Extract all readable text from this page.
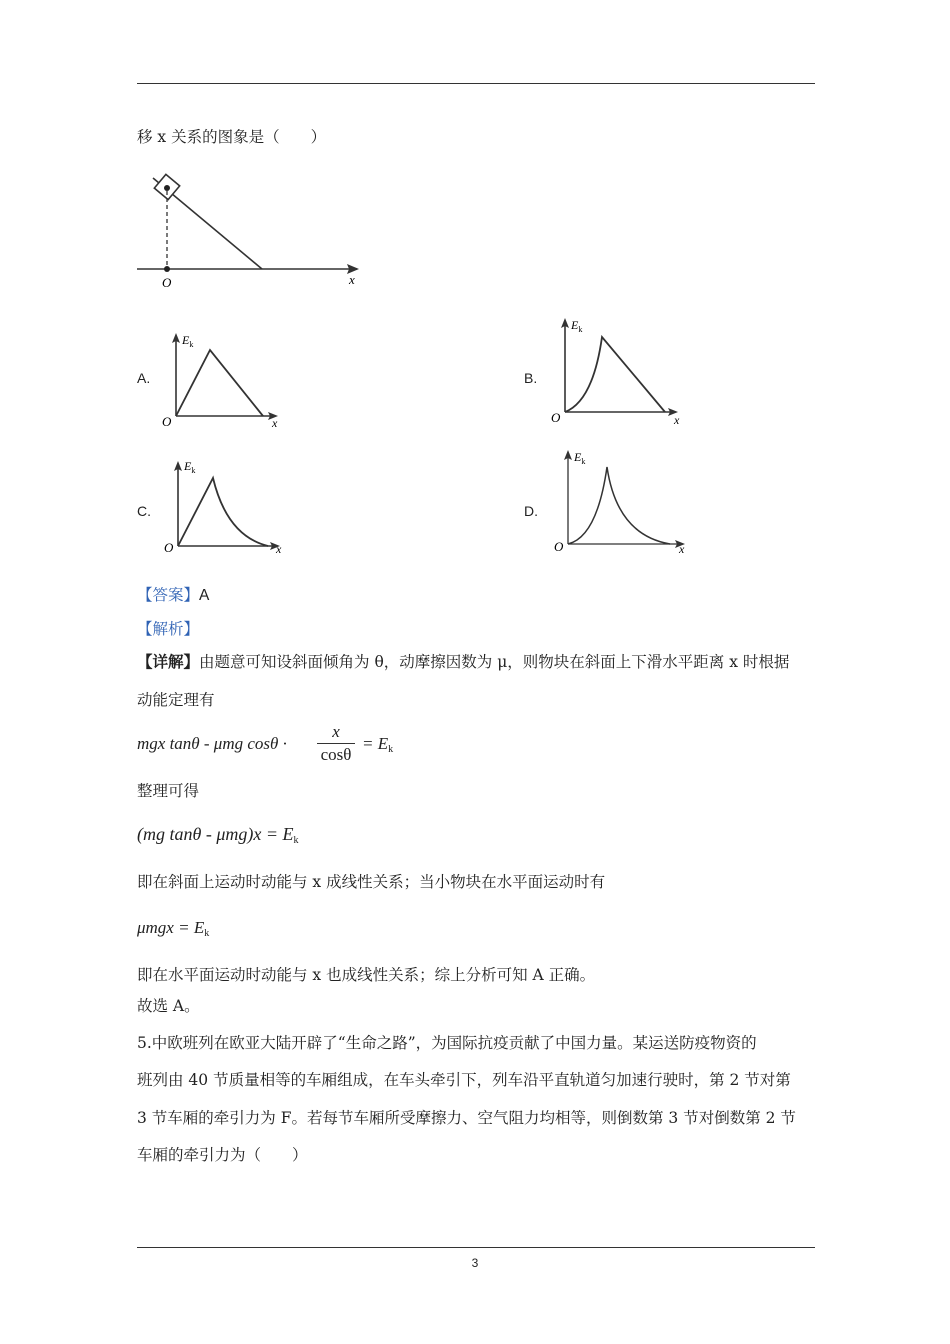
移 x 关系的图象是（　　）
O	x
A.
$E_k$
O	x
B.
$E_k$
O	x
C.
$E_k$
O	x
D.
$E_k$
O	x
【答案】A
【解析】
【详解】由题意可知设斜面倾角为 θ，动摩擦因数为 μ，则物块在斜面上下滑水平距离 x 时根据
动能定理有
mgx tanθ - μmg cosθ ·
x
cosθ
= $E_k$
整理可得
(mg $\tan\theta - \mu mg)x = E_k$
即在斜面上运动时动能与 x 成线性关系；当小物块在水平面运动时有
$\mu mgx = E_k$
即在水平面运动时动能与 x 也成线性关系；综上分析可知 A 正确。
故选 A。
5.中欧班列在欧亚大陆开辟了“生命之路”，为国际抗疫贡献了中国力量。某运送防疫物资的
班列由 40 节质量相等的车厢组成，在车头牵引下，列车沿平直轨道匀加速行驶时，第 2 节对第
3 节车厢的牵引力为 F。若每节车厢所受摩擦力、空气阻力均相等，则倒数第 3 节对倒数第 2 节
车厢的牵引力为（　　）
3
